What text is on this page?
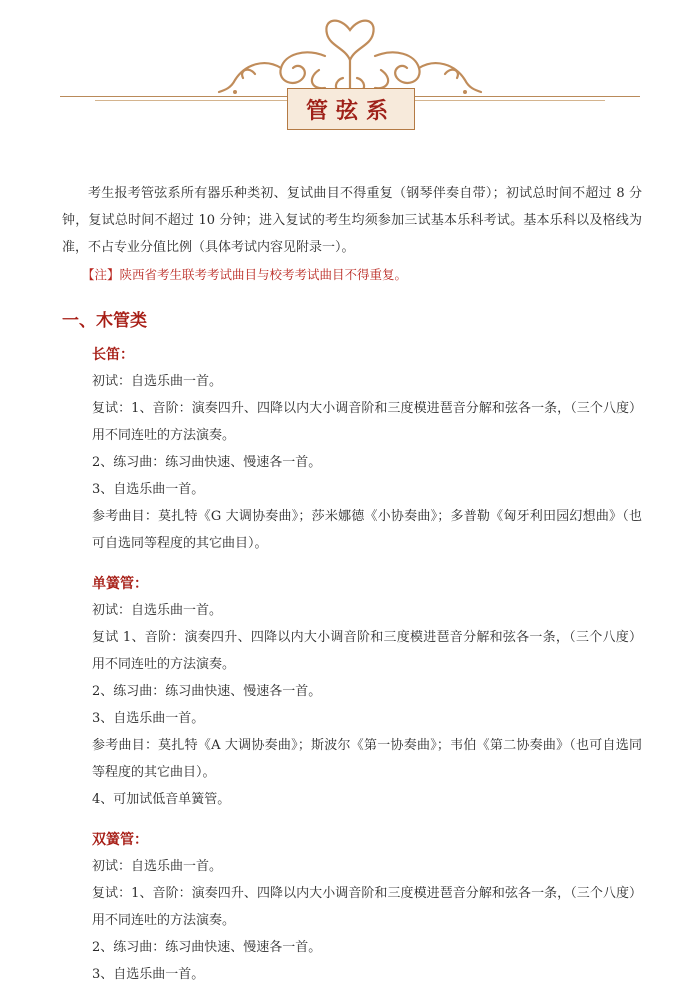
管弦系

考生报考管弦系所有器乐种类初、复试曲目不得重复（钢琴伴奏自带）；初试总时间不超过 8 分钟，复试总时间不超过 10 分钟；进入复试的考生均须参加三试基本乐科考试。基本乐科以及格线为准，不占专业分值比例（具体考试内容见附录一）。

【注】陕西省考生联考考试曲目与校考考试曲目不得重复。

一、木管类
长笛：

初试：自选乐曲一首。

复试：1、音阶：演奏四升、四降以内大小调音阶和三度模进琶音分解和弦各一条，（三个八度）用不同连吐的方法演奏。

2、练习曲：练习曲快速、慢速各一首。

3、自选乐曲一首。

参考曲目：莫扎特《G 大调协奏曲》；莎米娜德《小协奏曲》；多普勒《匈牙利田园幻想曲》（也可自选同等程度的其它曲目）。

单簧管：

初试：自选乐曲一首。

复试 1、音阶：演奏四升、四降以内大小调音阶和三度模进琶音分解和弦各一条，（三个八度）用不同连吐的方法演奏。

2、练习曲：练习曲快速、慢速各一首。

3、自选乐曲一首。

参考曲目：莫扎特《A 大调协奏曲》；斯波尔《第一协奏曲》；韦伯《第二协奏曲》（也可自选同等程度的其它曲目）。

4、可加试低音单簧管。

双簧管：

初试：自选乐曲一首。

复试：1、音阶：演奏四升、四降以内大小调音阶和三度模进琶音分解和弦各一条，（三个八度）用不同连吐的方法演奏。

2、练习曲：练习曲快速、慢速各一首。

3、自选乐曲一首。
